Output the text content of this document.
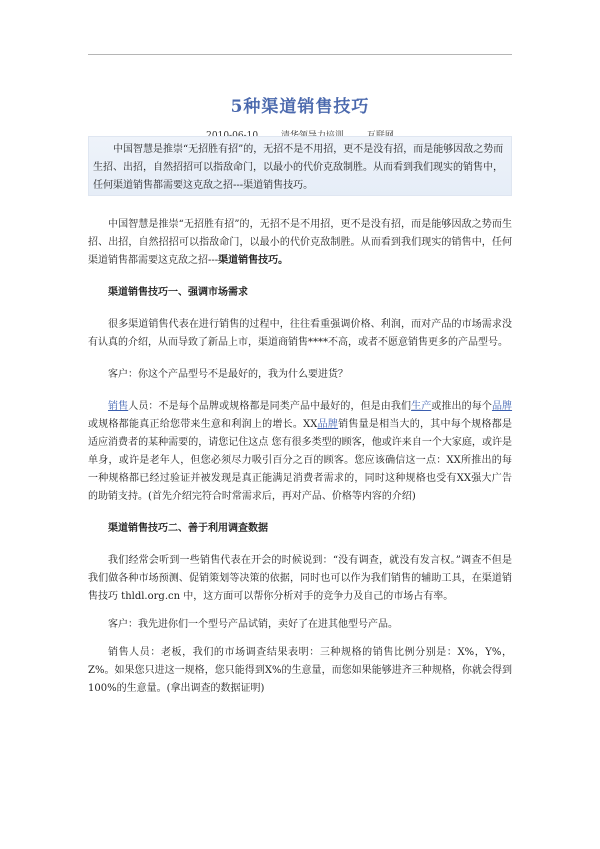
5种渠道销售技巧

中国智慧是推崇“无招胜有招”的，无招不是不用招，更不是没有招，而是能够因敌之势而生招、出招，自然招招可以指敌命门，以最小的代价克敌制胜。从而看到我们现实的销售中，任何渠道销售都需要这克敌之招---渠道销售技巧。

中国智慧是推崇“无招胜有招”的，无招不是不用招，更不是没有招，而是能够因敌之势而生招、出招，自然招招可以指敌命门，以最小的代价克敌制胜。从而看到我们现实的销售中，任何渠道销售都需要这克敌之招---渠道销售技巧。

渠道销售技巧一、强调市场需求

很多渠道销售代表在进行销售的过程中，往往看重强调价格、利润，而对产品的市场需求没有认真的介绍，从而导致了新品上市，渠道商销售****不高，或者不愿意销售更多的产品型号。

客户：你这个产品型号不是最好的，我为什么要进货？

销售人员：不是每个品牌或规格都是同类产品中最好的，但是由我们生产或推出的每个品牌或规格都能真正给您带来生意和利润上的增长。XX品牌销售量是相当大的，其中每个规格都是适应消费者的某种需要的，请您记住这点 您有很多类型的顾客，他或许来自一个大家庭，或许是单身，或许是老年人，但您必须尽力吸引百分之百的顾客。您应该确信这一点：XX所推出的每一种规格都已经过验证并被发现是真正能满足消费者需求的，同时这种规格也受有XX强大广告的助销支持。(首先介绍完符合时常需求后，再对产品、价格等内容的介绍)

渠道销售技巧二、善于利用调查数据

我们经常会听到一些销售代表在开会的时候说到：“没有调查，就没有发言权。”调查不但是我们做各种市场预测、促销策划等决策的依据，同时也可以作为我们销售的辅助工具，在渠道销售技巧 thldl.org.cn 中，这方面可以帮你分析对手的竞争力及自己的市场占有率。

客户：我先进你们一个型号产品试销，卖好了在进其他型号产品。

销售人员：老板，我们的市场调查结果表明：三种规格的销售比例分别是：X%，Y%，Z%。如果您只进这一规格，您只能得到X%的生意量，而您如果能够进齐三种规格，你就会得到100%的生意量。(拿出调查的数据证明)
